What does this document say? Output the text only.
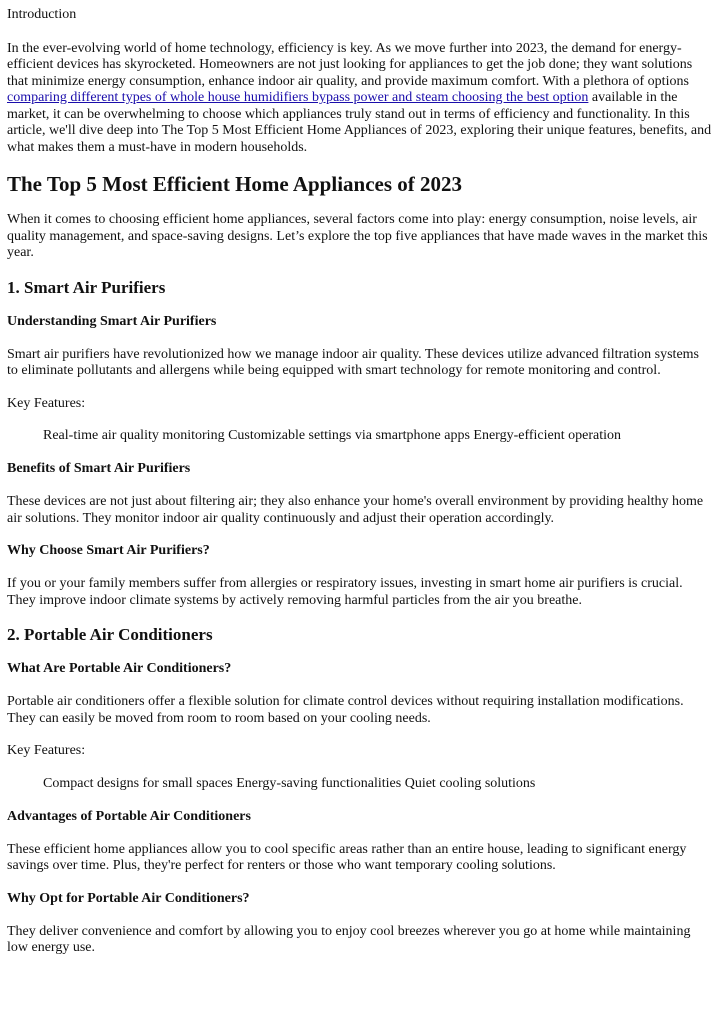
Introduction

In the ever-evolving world of home technology, efficiency is key. As we move further into 2023, the demand for energy-efficient devices has skyrocketed. Homeowners are not just looking for appliances to get the job done; they want solutions that minimize energy consumption, enhance indoor air quality, and provide maximum comfort. With a plethora of options comparing different types of whole house humidifiers bypass power and steam choosing the best option available in the market, it can be overwhelming to choose which appliances truly stand out in terms of efficiency and functionality. In this article, we'll dive deep into The Top 5 Most Efficient Home Appliances of 2023, exploring their unique features, benefits, and what makes them a must-have in modern households.

The Top 5 Most Efficient Home Appliances of 2023

When it comes to choosing efficient home appliances, several factors come into play: energy consumption, noise levels, air quality management, and space-saving designs. Let’s explore the top five appliances that have made waves in the market this year.

1. Smart Air Purifiers
Understanding Smart Air Purifiers

Smart air purifiers have revolutionized how we manage indoor air quality. These devices utilize advanced filtration systems to eliminate pollutants and allergens while being equipped with smart technology for remote monitoring and control.

Key Features:

Real-time air quality monitoring Customizable settings via smartphone apps Energy-efficient operation

Benefits of Smart Air Purifiers

These devices are not just about filtering air; they also enhance your home's overall environment by providing healthy home air solutions. They monitor indoor air quality continuously and adjust their operation accordingly.

Why Choose Smart Air Purifiers?

If you or your family members suffer from allergies or respiratory issues, investing in smart home air purifiers is crucial. They improve indoor climate systems by actively removing harmful particles from the air you breathe.

2. Portable Air Conditioners
What Are Portable Air Conditioners?

Portable air conditioners offer a flexible solution for climate control devices without requiring installation modifications. They can easily be moved from room to room based on your cooling needs.

Key Features:

Compact designs for small spaces Energy-saving functionalities Quiet cooling solutions

Advantages of Portable Air Conditioners

These efficient home appliances allow you to cool specific areas rather than an entire house, leading to significant energy savings over time. Plus, they're perfect for renters or those who want temporary cooling solutions.

Why Opt for Portable Air Conditioners?

They deliver convenience and comfort by allowing you to enjoy cool breezes wherever you go at home while maintaining low energy use.
